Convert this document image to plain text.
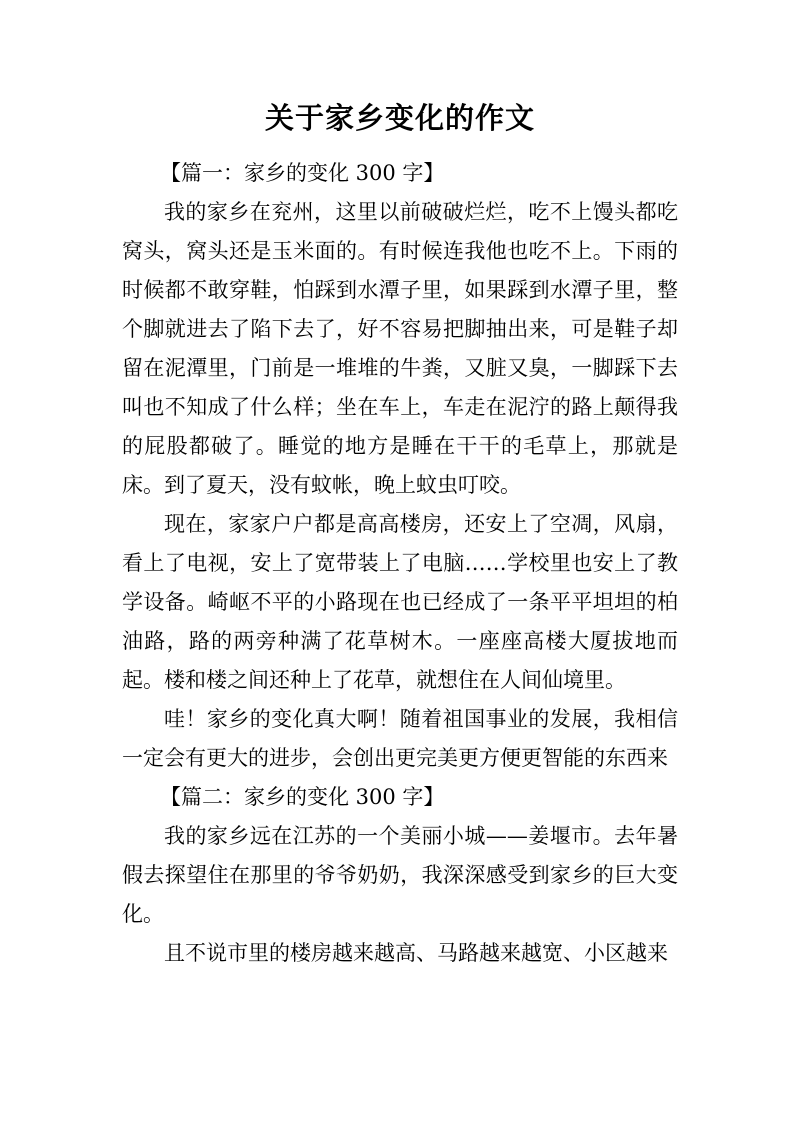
关于家乡变化的作文

【篇一：家乡的变化 300 字】

我的家乡在兖州，这里以前破破烂烂，吃不上馒头都吃窝头，窝头还是玉米面的。有时候连我他也吃不上。下雨的时候都不敢穿鞋，怕踩到水潭子里，如果踩到水潭子里，整个脚就进去了陷下去了，好不容易把脚抽出来，可是鞋子却留在泥潭里，门前是一堆堆的牛粪，又脏又臭，一脚踩下去叫也不知成了什么样；坐在车上，车走在泥泞的路上颠得我的屁股都破了。睡觉的地方是睡在干干的毛草上，那就是床。到了夏天，没有蚊帐，晚上蚊虫叮咬。

现在，家家户户都是高高楼房，还安上了空凋，风扇，看上了电视，安上了宽带装上了电脑……学校里也安上了教学设备。崎岖不平的小路现在也已经成了一条平平坦坦的柏油路，路的两旁种满了花草树木。一座座高楼大厦拔地而起。楼和楼之间还种上了花草，就想住在人间仙境里。

哇！家乡的变化真大啊！随着祖国事业的发展，我相信一定会有更大的进步，会创出更完美更方便更智能的东西来

【篇二：家乡的变化 300 字】

我的家乡远在江苏的一个美丽小城——姜堰市。去年暑假去探望住在那里的爷爷奶奶，我深深感受到家乡的巨大变化。

且不说市里的楼房越来越高、马路越来越宽、小区越来
